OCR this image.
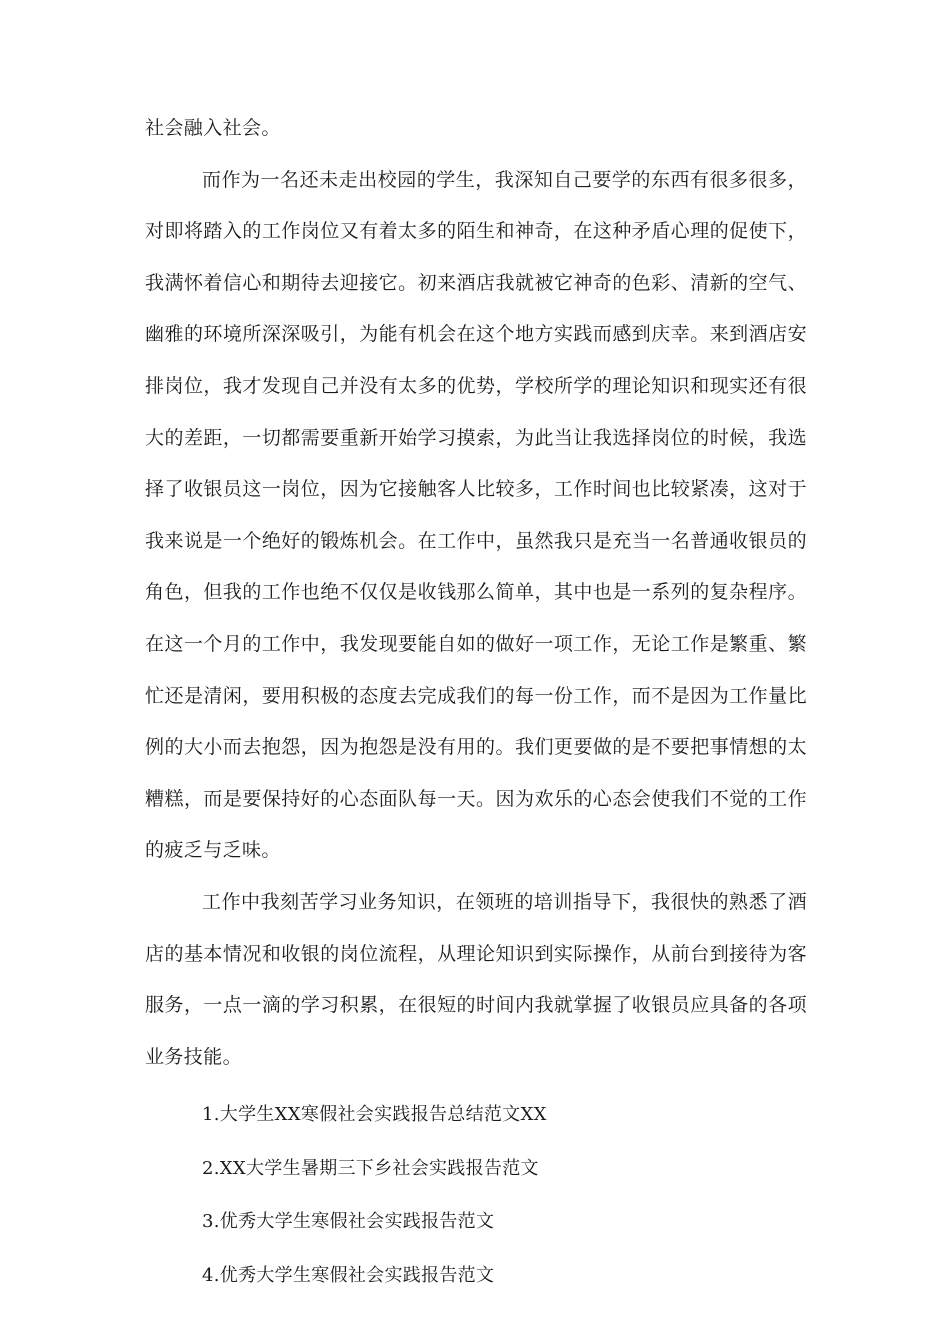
社会融入社会。

而作为一名还未走出校园的学生，我深知自己要学的东西有很多很多，对即将踏入的工作岗位又有着太多的陌生和神奇，在这种矛盾心理的促使下，我满怀着信心和期待去迎接它。初来酒店我就被它神奇的色彩、清新的空气、幽雅的环境所深深吸引，为能有机会在这个地方实践而感到庆幸。来到酒店安排岗位，我才发现自己并没有太多的优势，学校所学的理论知识和现实还有很大的差距，一切都需要重新开始学习摸索，为此当让我选择岗位的时候，我选择了收银员这一岗位，因为它接触客人比较多，工作时间也比较紧凑，这对于我来说是一个绝好的锻炼机会。在工作中，虽然我只是充当一名普通收银员的角色，但我的工作也绝不仅仅是收钱那么简单，其中也是一系列的复杂程序。在这一个月的工作中，我发现要能自如的做好一项工作，无论工作是繁重、繁忙还是清闲，要用积极的态度去完成我们的每一份工作，而不是因为工作量比例的大小而去抱怨，因为抱怨是没有用的。我们更要做的是不要把事情想的太糟糕，而是要保持好的心态面队每一天。因为欢乐的心态会使我们不觉的工作的疲乏与乏味。

工作中我刻苦学习业务知识，在领班的培训指导下，我很快的熟悉了酒店的基本情况和收银的岗位流程，从理论知识到实际操作，从前台到接待为客服务，一点一滴的学习积累，在很短的时间内我就掌握了收银员应具备的各项业务技能。

1.大学生XX寒假社会实践报告总结范文XX
2.XX大学生暑期三下乡社会实践报告范文
3.优秀大学生寒假社会实践报告范文
4.优秀大学生寒假社会实践报告范文
